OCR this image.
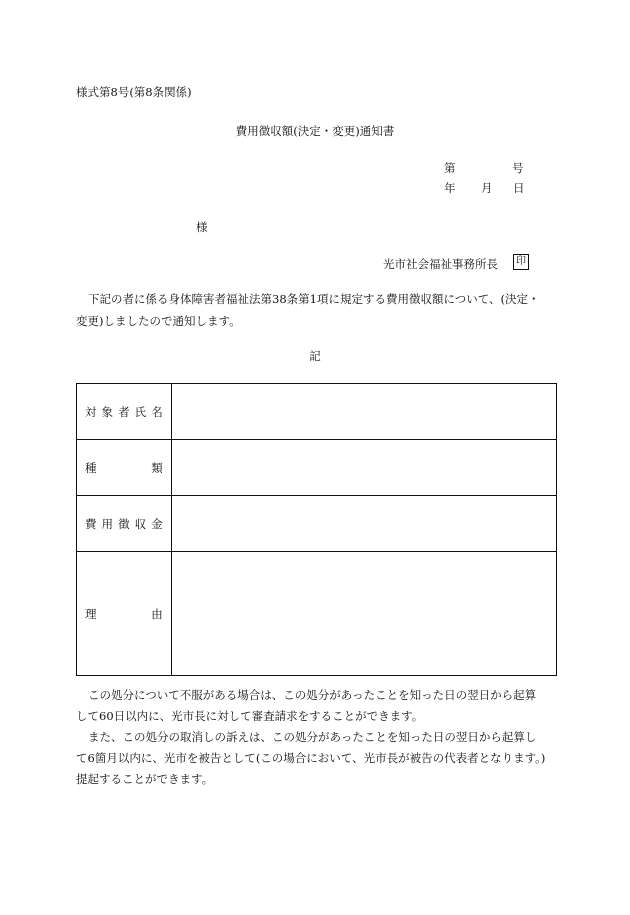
様式第8号(第8条関係)
費用徴収額(決定・変更)通知書
第	号
年 月 日
様
光市社会福祉事務所長	印
下記の者に係る身体障害者福祉法第38条第1項に規定する費用徴収額について、(決定・
変更)しましたので通知します。
記
対象者氏名	
種類	
費用徴収金	
理由	
この処分について不服がある場合は、この処分があったことを知った日の翌日から起算
して60日以内に、光市長に対して審査請求をすることができます。
また、この処分の取消しの訴えは、この処分があったことを知った日の翌日から起算し
て6箇月以内に、光市を被告として(この場合において、光市長が被告の代表者となります。)
提起することができます。
